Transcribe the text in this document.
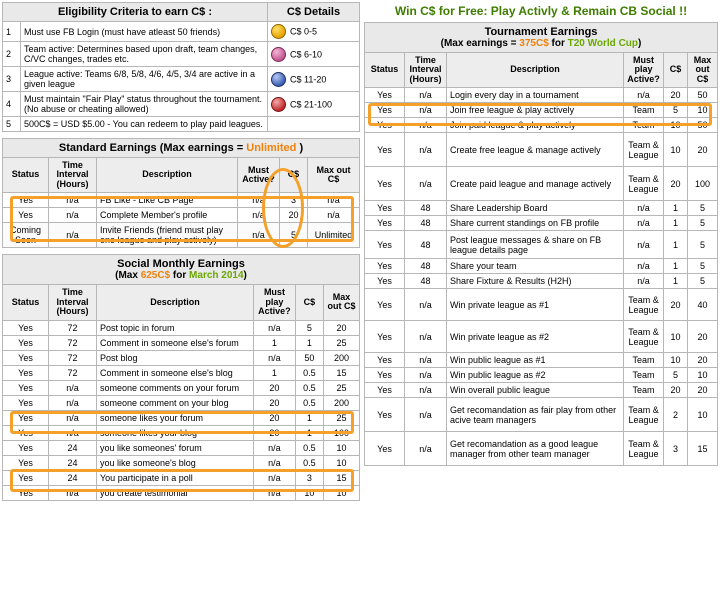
Eligibility Criteria to earn C$ :		C$ Details
1	Must use FB Login (must have atleast 50 friends)	C$ 0-5
2	Team active: Determines based upon draft, team changes, C/VC changes, trades etc.	C$ 6-10
3	League active: Teams 6/8, 5/8, 4/6, 4/5, 3/4 are active in a given league	C$ 11-20
4	Must maintain "Fair Play" status throughout the tournament. (No abuse or cheating allowed)	C$ 21-100
5	500C$ = USD $5.00 - You can redeem to play paid leagues.	
Standard Earnings (Max earnings = Unlimited )					
Status	Time Interval (Hours)	Description	Must Active?	C$	Max out C$
Yes	n/a	FB Like - Like CB Page	n/a	3	n/a
Yes	n/a	Complete Member's profile	n/a	20	n/a
Coming Soon	n/a	Invite Friends (friend must play one league and play actively)	n/a	5	Unlimited
Social Monthly Earnings
(Max 625C$ for March 2014)					

Status	Time Interval (Hours)	Description	Must play Active?	C$	Max out C$
Yes	72	Post topic in forum	n/a	5	20
Yes	72	Comment in someone else's forum	1	1	25
Yes	72	Post blog	n/a	50	200
Yes	72	Comment in someone else's blog	1	0.5	15
Yes	n/a	someone comments on your forum	20	0.5	25
Yes	n/a	someone comment on your blog	20	0.5	200
Yes	n/a	someone likes your forum	20	1	25
Yes	n/a	someone likes your blog	20	1	100
Yes	24	you like someones' forum	n/a	0.5	10
Yes	24	you like someone's blog	n/a	0.5	10
Yes	24	You participate in a poll	n/a	3	15
Yes	n/a	you create testimonial	n/a	10	10
Win C$ for Free: Play Activly & Remain CB Social !!
Tournament Earnings
(Max earnings = 375C$ for T20 World Cup)					

Status	Time Interval (Hours)	Description	Must play Active?	C$	Max out C$
Yes	n/a	Login every day in a tournament	n/a	20	50
Yes	n/a	Join free league & play actively	Team	5	10
Yes	n/a	Join paid league & play actively	Team	10	50
Yes	n/a	Create free league & manage actively	Team & League	10	20
Yes	n/a	Create paid league and manage actively	Team & League	20	100
Yes	48	Share Leadership Board	n/a	1	5
Yes	48	Share current standings on FB profile	n/a	1	5
Yes	48	Post league messages & share on FB league details page	n/a	1	5
Yes	48	Share your team	n/a	1	5
Yes	48	Share Fixture & Results (H2H)	n/a	1	5
Yes	n/a	Win private league as #1	Team & League	20	40
Yes	n/a	Win private league as #2	Team & League	10	20
Yes	n/a	Win public league as #1	Team	10	20
Yes	n/a	Win public league as #2	Team	5	10
Yes	n/a	Win overall public league	Team	20	20
Yes	n/a	Get recomandation as fair play from other acive team managers	Team & League	2	10
Yes	n/a	Get recomandation as a good league manager from other team manager	Team & League	3	15
